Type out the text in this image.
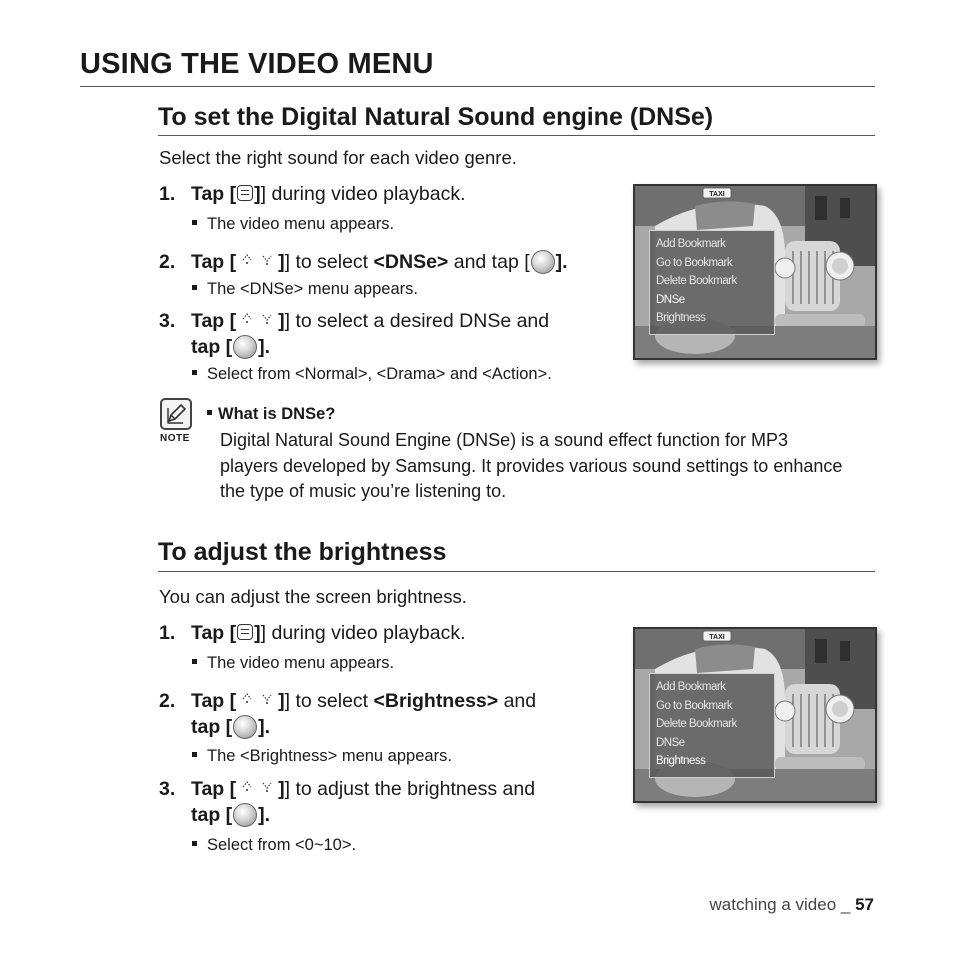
USING THE VIDEO MENU
To set the Digital Natural Sound engine (DNSe)
Select the right sound for each video genre.
1. Tap [ ]] during video playback.
The video menu appears.
2. Tap [ ]] to select <DNSe> and tap [ ].
The <DNSe> menu appears.
3. Tap [ ]] to select a desired DNSe and
tap [ ].
Select from <Normal>, <Drama> and <Action>.
TAXI
Add Bookmark
Go to Bookmark
Delete Bookmark
DNSe
Brightness
NOTE
What is DNSe?
Digital Natural Sound Engine (DNSe) is a sound effect function for MP3 players developed by Samsung. It provides various sound settings to enhance the type of music you’re listening to.
To adjust the brightness
You can adjust the screen brightness.
1. Tap [ ]] during video playback.
The video menu appears.
2. Tap [ ]] to select <Brightness> and
tap [ ].
The <Brightness> menu appears.
3. Tap [ ]] to adjust the brightness and
tap [ ].
Select from <0~10>.
TAXI
Add Bookmark
Go to Bookmark
Delete Bookmark
DNSe
Brightness
watching a video _ 57
